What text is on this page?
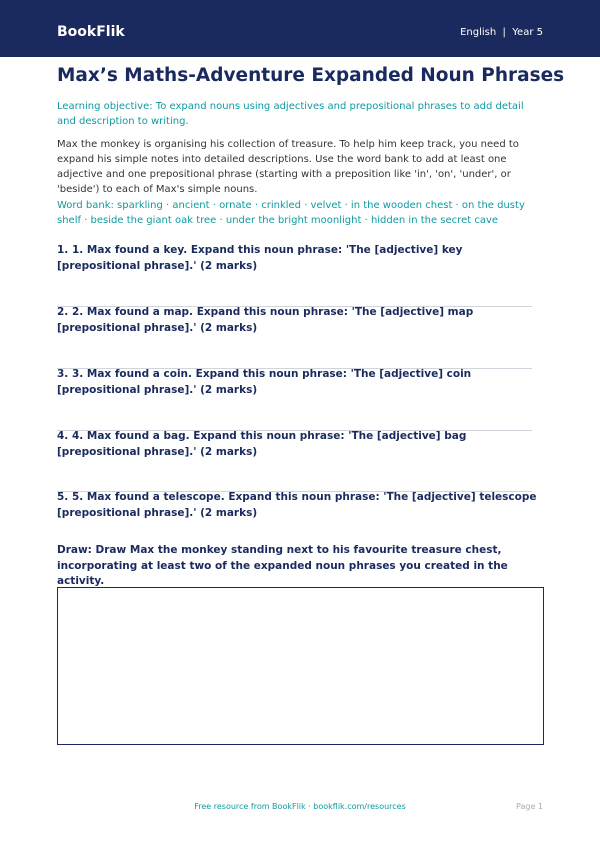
BookFlik	English | Year 5
Max’s Maths-Adventure Expanded Noun Phrases
Learning objective: To expand nouns using adjectives and prepositional phrases to add detail and description to writing.
Max the monkey is organising his collection of treasure. To help him keep track, you need to expand his simple notes into detailed descriptions. Use the word bank to add at least one adjective and one prepositional phrase (starting with a preposition like 'in', 'on', 'under', or 'beside') to each of Max's simple nouns.
Word bank: sparkling · ancient · ornate · crinkled · velvet · in the wooden chest · on the dusty shelf · beside the giant oak tree · under the bright moonlight · hidden in the secret cave
1. 1. Max found a key. Expand this noun phrase: 'The [adjective] key [prepositional phrase].' (2 marks)
2. 2. Max found a map. Expand this noun phrase: 'The [adjective] map [prepositional phrase].' (2 marks)
3. 3. Max found a coin. Expand this noun phrase: 'The [adjective] coin [prepositional phrase].' (2 marks)
4. 4. Max found a bag. Expand this noun phrase: 'The [adjective] bag [prepositional phrase].' (2 marks)
5. 5. Max found a telescope. Expand this noun phrase: 'The [adjective] telescope [prepositional phrase].' (2 marks)
Draw: Draw Max the monkey standing next to his favourite treasure chest, incorporating at least two of the expanded noun phrases you created in the activity.
Free resource from BookFlik · bookflik.com/resources	Page 1
